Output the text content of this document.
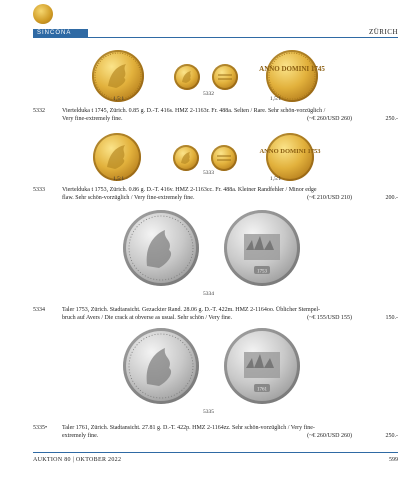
SINCONA	ZÜRICH
ANNO DOMINI 1745
1,5:1
5332
1,5:1
5332	Viertelduka t 1745, Zürich. 0.85 g. D.-T. 416s. HMZ 2-1163r. Fr. 488a. Selten / Rare. Sehr schön-vorzüglich /
Very fine-extremely fine.	(~€ 260/USD 260)	250.-
ANNO DOMINI 1753
1,5:1
5333
1,5:1
5333	Viertelduka t 1753, Zürich. 0.86 g. D.-T. 416v. HMZ 2-1163cc. Fr. 488a. Kleiner Randfehler / Minor edge
flaw. Sehr schön-vorzüglich / Very fine-extremely fine.	(~€ 210/USD 210)	200.-
1753
5334
5334	Taler 1753, Zürich. Stadtansicht. Gezackter Rand. 28.06 g. D.-T. 422m. HMZ 2-1164oo. Üblicher Stempel-
bruch auf Avers / Die crack at obverse as usual. Sehr schön / Very fine.	(~€ 155/USD 155)	150.-
1761
5335
5335• Taler 1761, Zürich. Stadtansicht. 27.81 g. D.-T. 422p. HMZ 2-1164zz. Sehr schön-vorzüglich / Very fine-
extremely fine.	(~€ 260/USD 260)	250.-
AUKTION 80 | OKTOBER 2022	599
